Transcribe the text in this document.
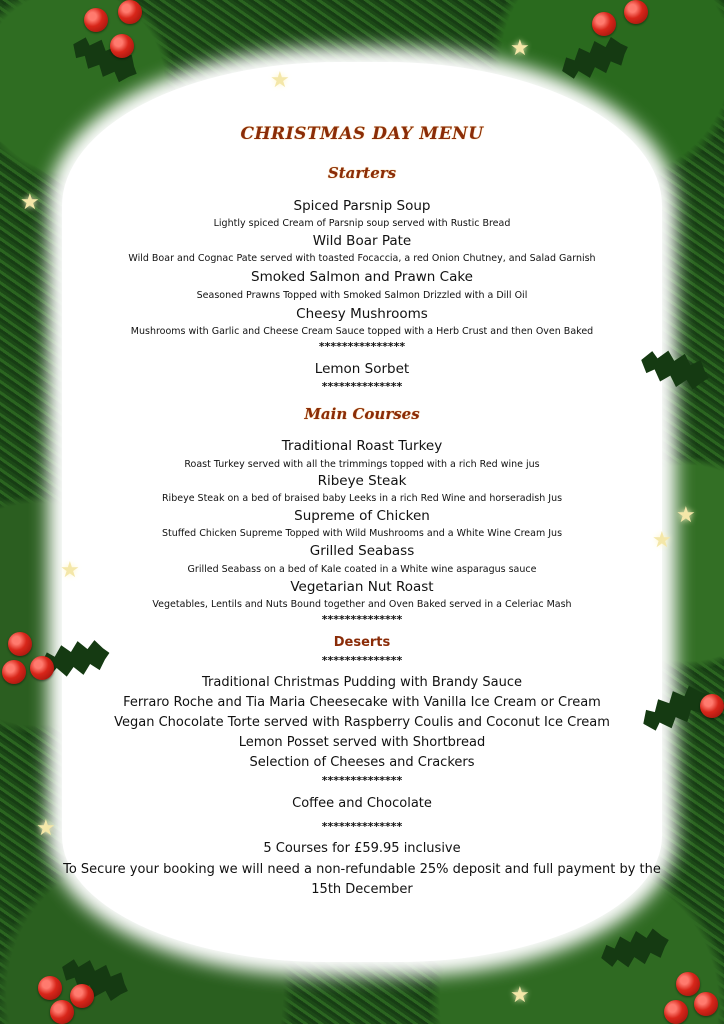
★
★
★
★
★
★
★
★
CHRISTMAS DAY MENU
Starters
Spiced Parsnip Soup
Lightly spiced Cream of Parsnip soup served with Rustic Bread
Wild Boar Pate
Wild Boar and Cognac Pate served with toasted Focaccia, a red Onion Chutney, and Salad Garnish
Smoked Salmon and Prawn Cake
Seasoned Prawns Topped with Smoked Salmon Drizzled with a Dill Oil
Cheesy Mushrooms
Mushrooms with Garlic and Cheese Cream Sauce topped with a Herb Crust and then Oven Baked
***************
Lemon Sorbet
**************
Main Courses
Traditional Roast Turkey
Roast Turkey served with all the trimmings topped with a rich Red wine jus
Ribeye Steak
Ribeye Steak on a bed of braised baby Leeks in a rich Red Wine and horseradish Jus
Supreme of Chicken
Stuffed Chicken Supreme Topped with Wild Mushrooms and a White Wine Cream Jus
Grilled Seabass
Grilled Seabass on a bed of Kale coated in a White wine asparagus sauce
Vegetarian Nut Roast
Vegetables, Lentils and Nuts Bound together and Oven Baked served in a Celeriac Mash
**************
Deserts
**************
Traditional Christmas Pudding with Brandy Sauce
Ferraro Roche and Tia Maria Cheesecake with Vanilla Ice Cream or Cream
Vegan Chocolate Torte served with Raspberry Coulis and Coconut Ice Cream
Lemon Posset served with Shortbread
Selection of Cheeses and Crackers
**************
Coffee and Chocolate
**************
5 Courses for £59.95 inclusive
To Secure your booking we will need a non-refundable 25% deposit and full payment by the
15th December
